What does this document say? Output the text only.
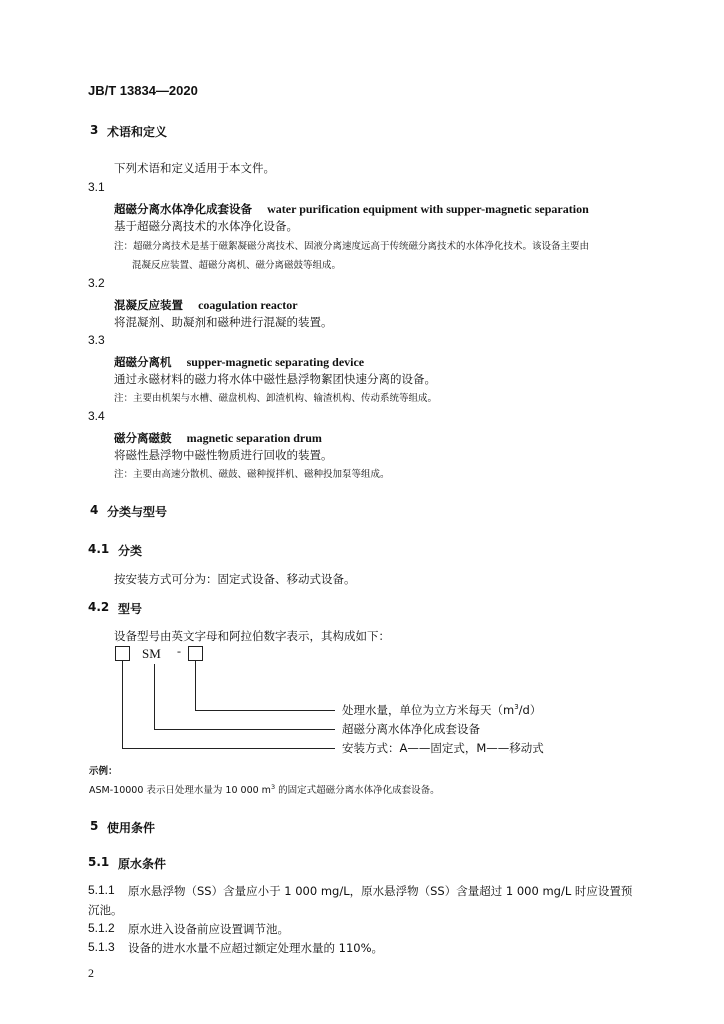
JB/T 13834—2020
3 术语和定义
下列术语和定义适用于本文件。
3.1
超磁分离水体净化成套设备 water purification equipment with supper-magnetic separation
基于超磁分离技术的水体净化设备。
注：超磁分离技术是基于磁絮凝磁分离技术、固液分离速度远高于传统磁分离技术的水体净化技术。该设备主要由
混凝反应装置、超磁分离机、磁分离磁鼓等组成。
3.2
混凝反应装置 coagulation reactor
将混凝剂、助凝剂和磁种进行混凝的装置。
3.3
超磁分离机 supper-magnetic separating device
通过永磁材料的磁力将水体中磁性悬浮物絮团快速分离的设备。
注：主要由机架与水槽、磁盘机构、卸渣机构、输渣机构、传动系统等组成。
3.4
磁分离磁鼓 magnetic separation drum
将磁性悬浮物中磁性物质进行回收的装置。
注：主要由高速分散机、磁鼓、磁种搅拌机、磁种投加泵等组成。
4 分类与型号
4.1 分类
按安装方式可分为：固定式设备、移动式设备。
4.2 型号
设备型号由英文字母和阿拉伯数字表示，其构成如下：
SM -
处理水量，单位为立方米每天$(m^3/d)$
超磁分离水体净化成套设备
安装方式：A——固定式，M——移动式
示例：
ASM-10000 表示日处理水量为 10 000 $m^3$ 的固定式超磁分离水体净化成套设备。
5 使用条件
5.1 原水条件
5.1.1 原水悬浮物（SS）含量应小于 1 000 mg/L，原水悬浮物（SS）含量超过 1 000 mg/L 时应设置预
沉池。
5.1.2 原水进入设备前应设置调节池。
5.1.3 设备的进水水量不应超过额定处理水量的 110%。
2
